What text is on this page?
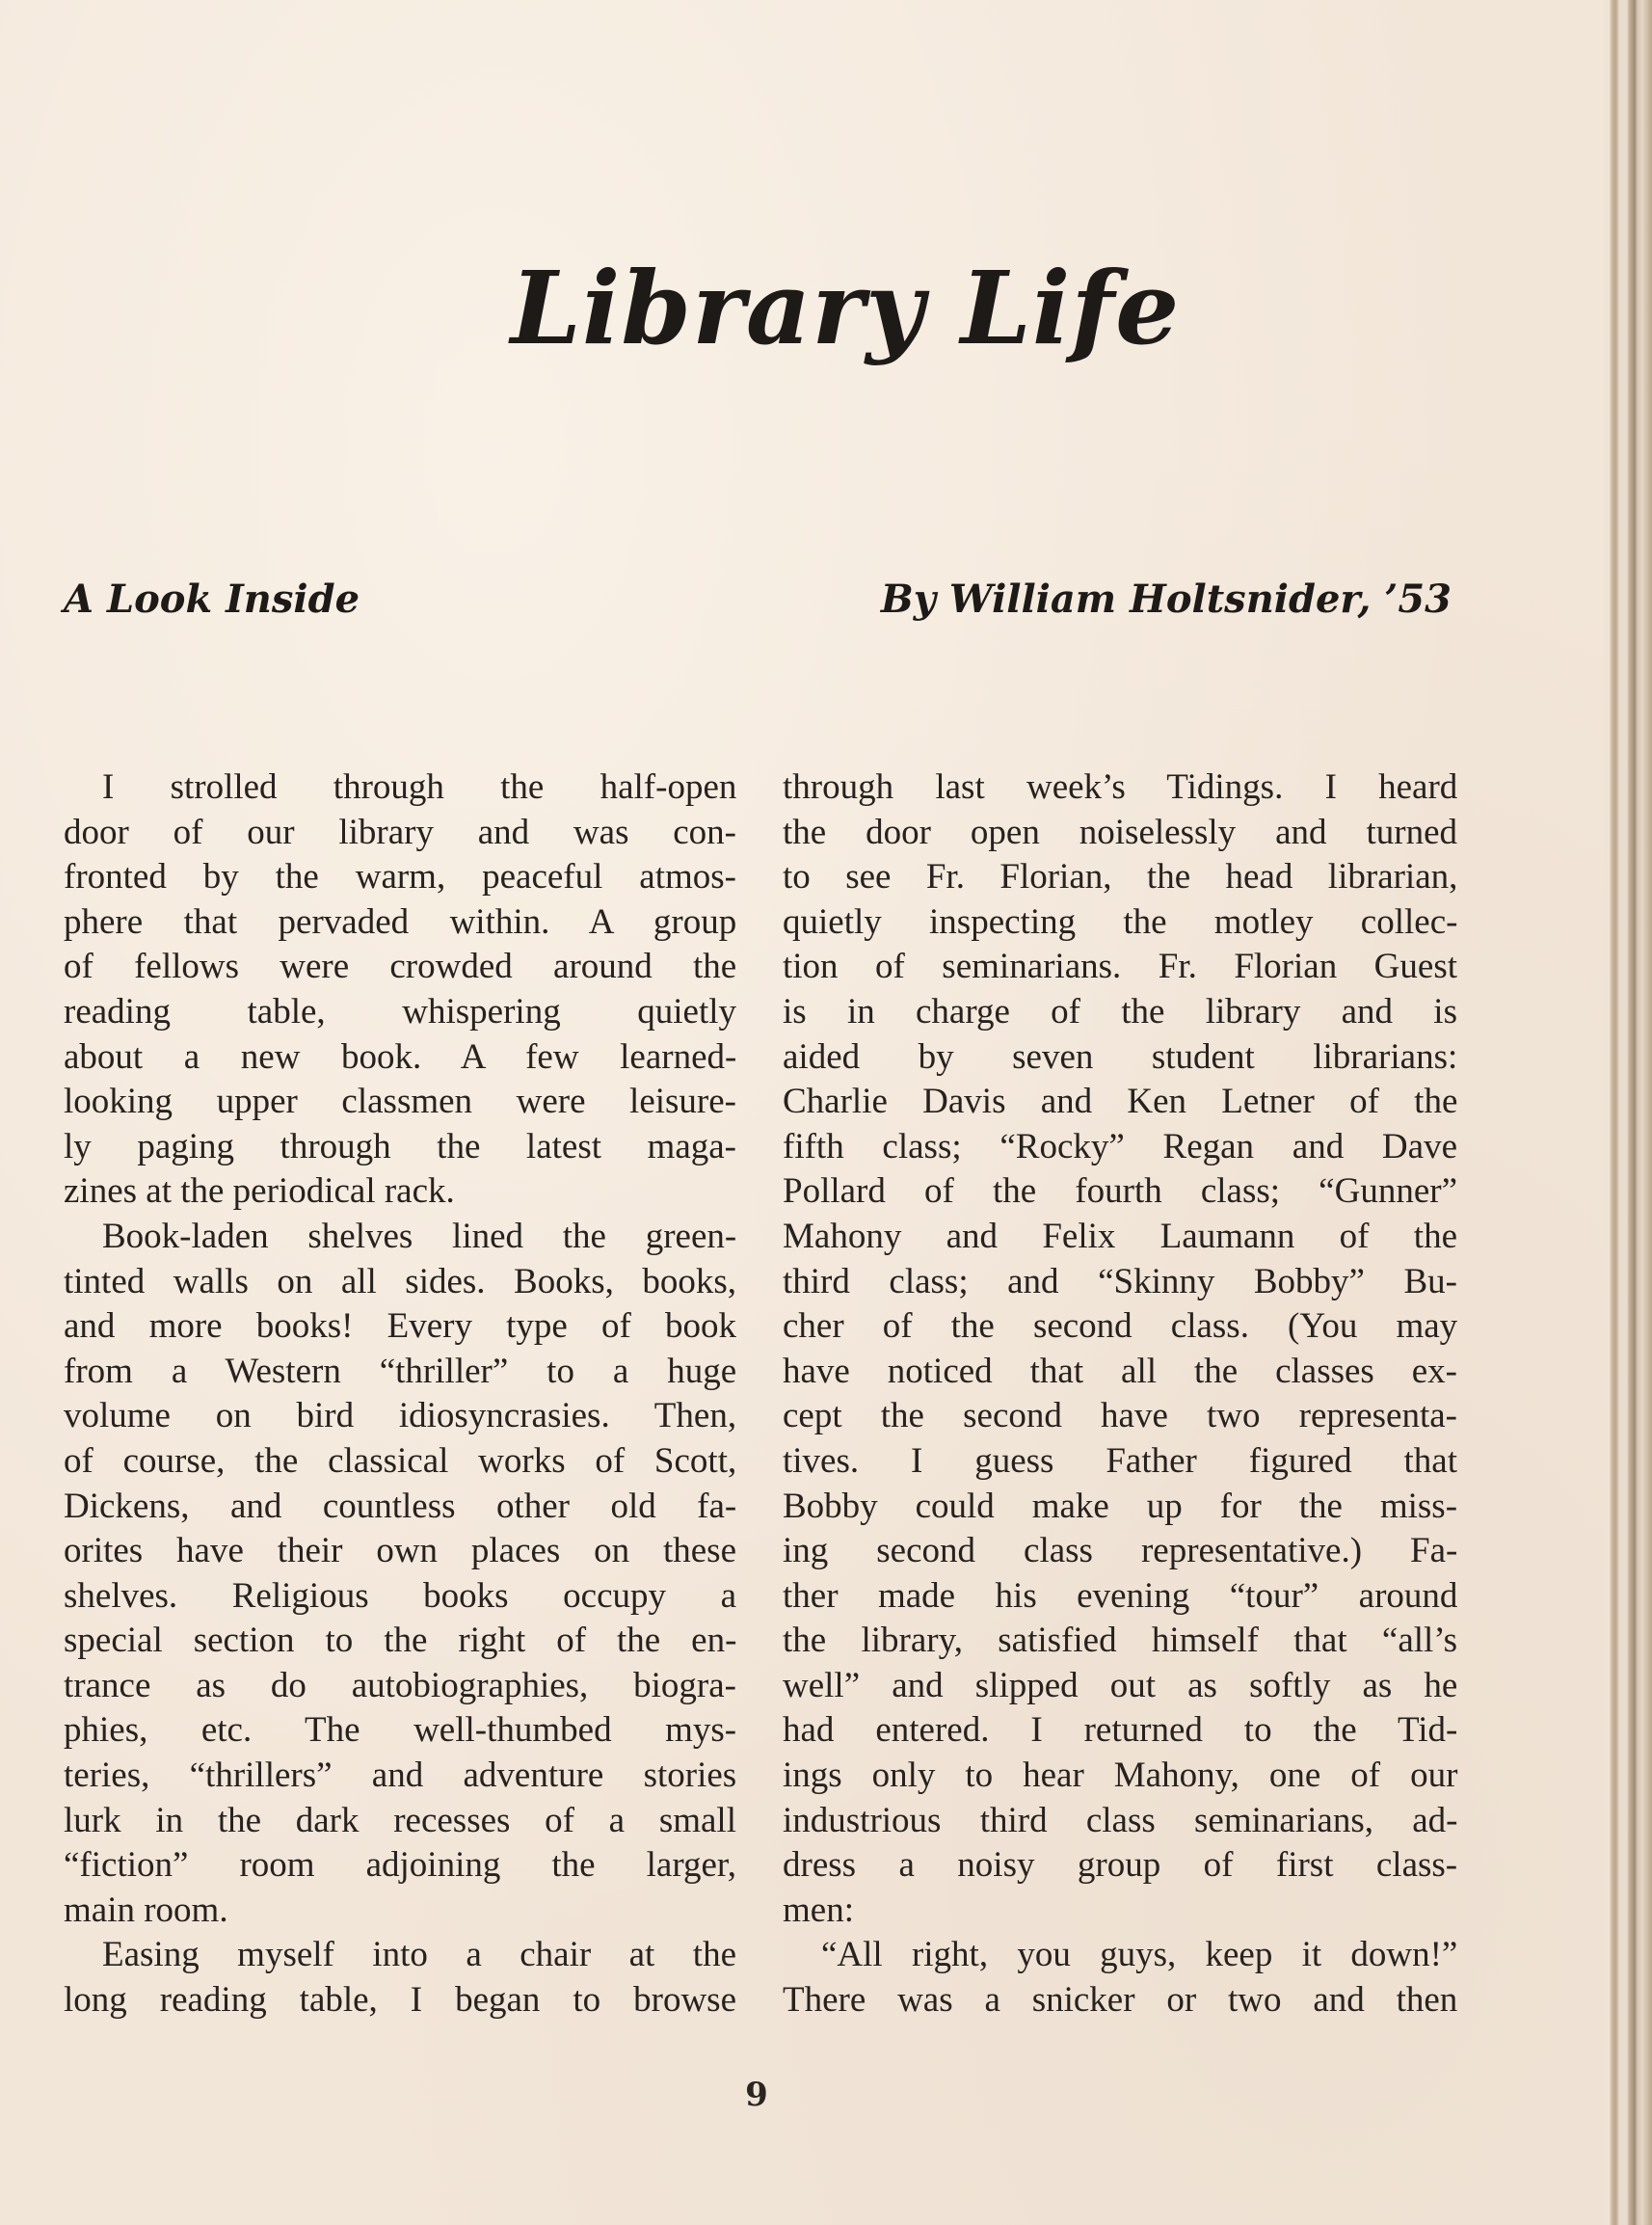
Library Life
A Look Inside	By William Holtsnider, ’53
I strolled through the half-open
door of our library and was con-
fronted by the warm, peaceful atmos-
phere that pervaded within. A group
of fellows were crowded around the
reading table, whispering quietly
about a new book. A few learned-
looking upper classmen were leisure-
ly paging through the latest maga-
zines at the periodical rack.
Book-laden shelves lined the green-
tinted walls on all sides. Books, books,
and more books! Every type of book
from a Western “thriller” to a huge
volume on bird idiosyncrasies. Then,
of course, the classical works of Scott,
Dickens, and countless other old fa-
orites have their own places on these
shelves. Religious books occupy a
special section to the right of the en-
trance as do autobiographies, biogra-
phies, etc. The well-thumbed mys-
teries, “thrillers” and adventure stories
lurk in the dark recesses of a small
“fiction” room adjoining the larger,
main room.
Easing myself into a chair at the
long reading table, I began to browse
through last week’s Tidings. I heard
the door open noiselessly and turned
to see Fr. Florian, the head librarian,
quietly inspecting the motley collec-
tion of seminarians. Fr. Florian Guest
is in charge of the library and is
aided by seven student librarians:
Charlie Davis and Ken Letner of the
fifth class; “Rocky” Regan and Dave
Pollard of the fourth class; “Gunner”
Mahony and Felix Laumann of the
third class; and “Skinny Bobby” Bu-
cher of the second class. (You may
have noticed that all the classes ex-
cept the second have two representa-
tives. I guess Father figured that
Bobby could make up for the miss-
ing second class representative.) Fa-
ther made his evening “tour” around
the library, satisfied himself that “all’s
well” and slipped out as softly as he
had entered. I returned to the Tid-
ings only to hear Mahony, one of our
industrious third class seminarians, ad-
dress a noisy group of first class-
men:
“All right, you guys, keep it down!”
There was a snicker or two and then
9
